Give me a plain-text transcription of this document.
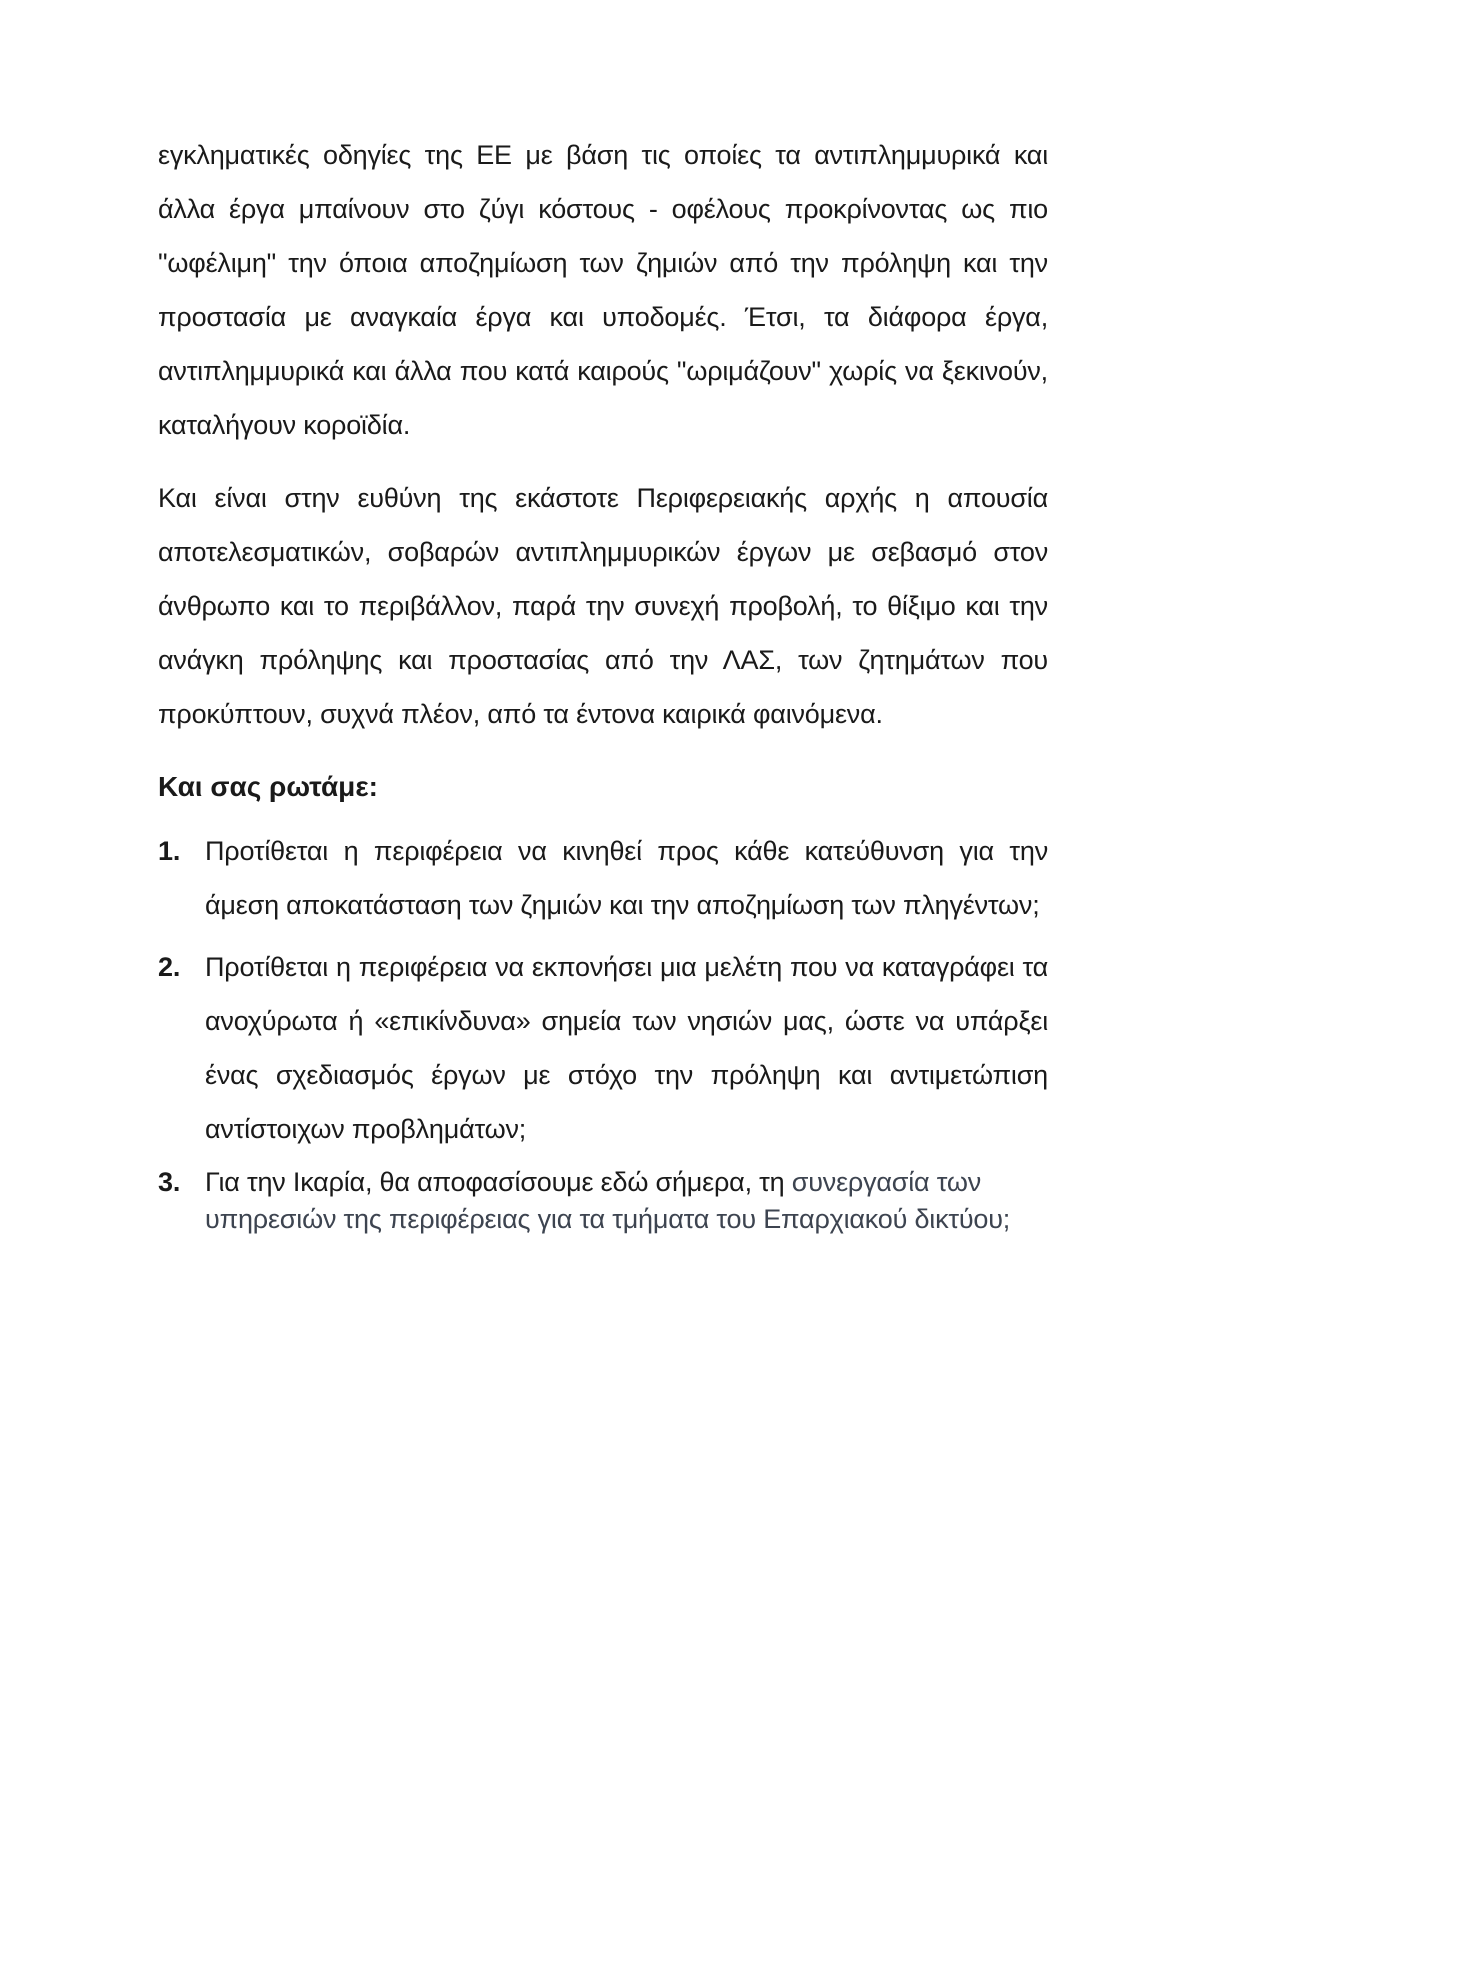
εγκληματικές οδηγίες της ΕΕ με βάση τις οποίες τα αντιπλημμυρικά και άλλα έργα μπαίνουν στο ζύγι κόστους - οφέλους προκρίνοντας ως πιο "ωφέλιμη" την όποια αποζημίωση των ζημιών από την πρόληψη και την προστασία με αναγκαία έργα και υποδομές. Έτσι, τα διάφορα έργα, αντιπλημμυρικά και άλλα που κατά καιρούς "ωριμάζουν" χωρίς να ξεκινούν, καταλήγουν κοροϊδία.

Και είναι στην ευθύνη της εκάστοτε Περιφερειακής αρχής η απουσία αποτελεσματικών, σοβαρών αντιπλημμυρικών έργων με σεβασμό στον άνθρωπο και το περιβάλλον, παρά την συνεχή προβολή, το θίξιμο και την ανάγκη πρόληψης και προστασίας από την ΛΑΣ, των ζητημάτων που προκύπτουν, συχνά πλέον, από τα έντονα καιρικά φαινόμενα.

Και σας ρωτάμε:
1. Προτίθεται η περιφέρεια να κινηθεί προς κάθε κατεύθυνση για την άμεση αποκατάσταση των ζημιών και την αποζημίωση των πληγέντων;
2. Προτίθεται η περιφέρεια να εκπονήσει μια μελέτη που να καταγράφει τα ανοχύρωτα ή «επικίνδυνα» σημεία των νησιών μας, ώστε να υπάρξει ένας σχεδιασμός έργων με στόχο την πρόληψη και αντιμετώπιση αντίστοιχων προβλημάτων;
3. Για την Ικαρία, θα αποφασίσουμε εδώ σήμερα, τη συνεργασία των υπηρεσιών της περιφέρειας για τα τμήματα του Επαρχιακού δικτύου;
